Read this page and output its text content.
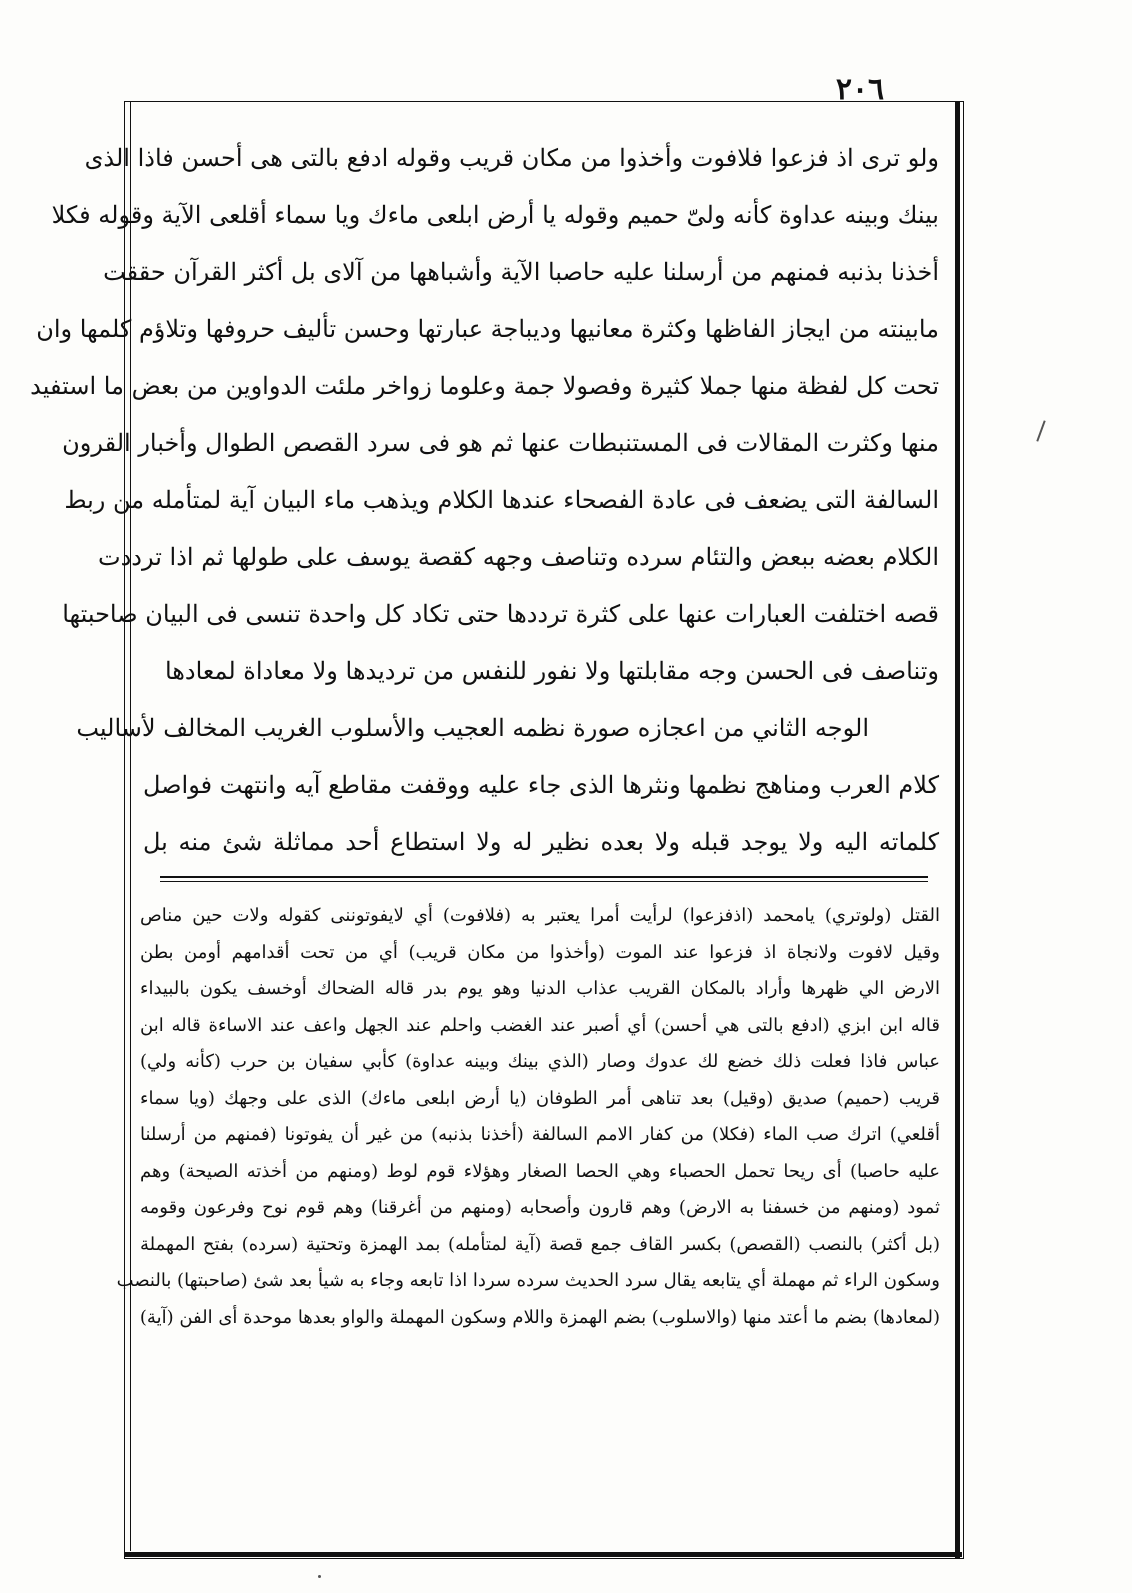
٢٠٦
ولو ترى اذ فزعوا فلافوت وأخذوا من مكان قريب وقوله ادفع بالتى هى أحسن فاذا الذى
بينك وبينه عداوة كأنه ولىّ حميم وقوله يا أرض ابلعى ماءك ويا سماء أقلعى الآية وقوله فكلا
أخذنا بذنبه فمنهم من أرسلنا عليه حاصبا الآية وأشباهها من آلاى بل أكثر القرآن حققت
مابينته من ايجاز الفاظها وكثرة معانيها وديباجة عبارتها وحسن تأليف حروفها وتلاؤم كلمها وان
تحت كل لفظة منها جملا كثيرة وفصولا جمة وعلوما زواخر ملئت الدواوين من بعض ما استفيد
منها وكثرت المقالات فى المستنبطات عنها ثم هو فى سرد القصص الطوال وأخبار القرون
السالفة التى يضعف فى عادة الفصحاء عندها الكلام ويذهب ماء البيان آية لمتأمله من ربط
الكلام بعضه ببعض والتئام سرده وتناصف وجهه كقصة يوسف على طولها ثم اذا ترددت
قصه اختلفت العبارات عنها على كثرة ترددها حتى تكاد كل واحدة تنسى فى البيان صاحبتها
وتناصف فى الحسن وجه مقابلتها ولا نفور للنفس من ترديدها ولا معاداة لمعادها
الوجه الثاني من اعجازه صورة نظمه العجيب والأسلوب الغريب المخالف لأساليب
كلام العرب ومناهج نظمها ونثرها الذى جاء عليه ووقفت مقاطع آيه وانتهت فواصل
كلماته اليه ولا يوجد قبله ولا بعده نظير له ولا استطاع أحد مماثلة شئ منه بل
القتل (ولوتري) يامحمد (اذفزعوا) لرأيت أمرا يعتبر به (فلافوت) أي لايفوتوننى كقوله ولات حين مناص
وقيل لافوت ولانجاة اذ فزعوا عند الموت (وأخذوا من مكان قريب) أي من تحت أقدامهم أومن بطن
الارض الي ظهرها وأراد بالمكان القريب عذاب الدنيا وهو يوم بدر قاله الضحاك أوخسف يكون بالبيداء
قاله ابن ابزي (ادفع بالتى هي أحسن) أي أصبر عند الغضب واحلم عند الجهل واعف عند الاساءة قاله ابن
عباس فاذا فعلت ذلك خضع لك عدوك وصار (الذي بينك وبينه عداوة) كأبي سفيان بن حرب (كأنه ولي)
قريب (حميم) صديق (وقيل) بعد تناهى أمر الطوفان (يا أرض ابلعى ماءك) الذى على وجهك (ويا سماء
أقلعي) اترك صب الماء (فكلا) من كفار الامم السالفة (أخذنا بذنبه) من غير أن يفوتونا (فمنهم من أرسلنا
عليه حاصبا) أى ريحا تحمل الحصباء وهي الحصا الصغار وهؤلاء قوم لوط (ومنهم من أخذته الصيحة) وهم
ثمود (ومنهم من خسفنا به الارض) وهم قارون وأصحابه (ومنهم من أغرقنا) وهم قوم نوح وفرعون وقومه
(بل أكثر) بالنصب (القصص) بكسر القاف جمع قصة (آية لمتأمله) بمد الهمزة وتحتية (سرده) بفتح المهملة
وسكون الراء ثم مهملة أي يتابعه يقال سرد الحديث سرده سردا اذا تابعه وجاء به شيأ بعد شئ (صاحبتها) بالنصب
(لمعادها) بضم ما أعتد منها (والاسلوب) بضم الهمزة واللام وسكون المهملة والواو بعدها موحدة أى الفن (آية)
